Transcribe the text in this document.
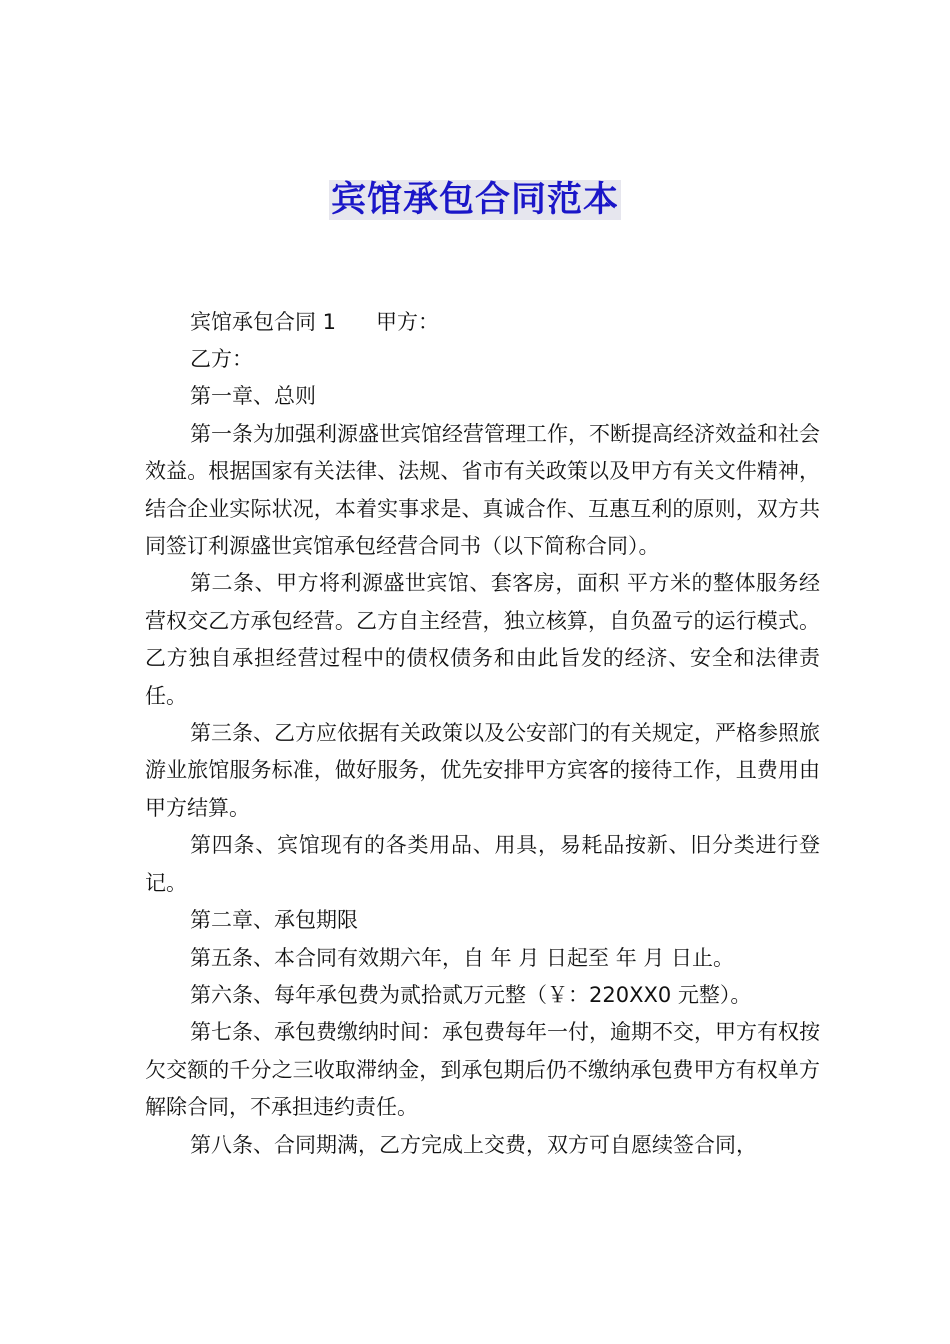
宾馆承包合同范本

宾馆承包合同 1 甲方：

乙方：

第一章、总则

第一条为加强利源盛世宾馆经营管理工作，不断提高经济效益和社会效益。根据国家有关法律、法规、省市有关政策以及甲方有关文件精神，结合企业实际状况，本着实事求是、真诚合作、互惠互利的原则，双方共同签订利源盛世宾馆承包经营合同书（以下简称合同）。

第二条、甲方将利源盛世宾馆、套客房，面积 平方米的整体服务经营权交乙方承包经营。乙方自主经营，独立核算，自负盈亏的运行模式。乙方独自承担经营过程中的债权债务和由此旨发的经济、安全和法律责任。

第三条、乙方应依据有关政策以及公安部门的有关规定，严格参照旅游业旅馆服务标准，做好服务，优先安排甲方宾客的接待工作，且费用由甲方结算。

第四条、宾馆现有的各类用品、用具，易耗品按新、旧分类进行登记。

第二章、承包期限

第五条、本合同有效期六年，自 年 月 日起至 年 月 日止。

第六条、每年承包费为贰拾贰万元整（￥：220XX0 元整）。

第七条、承包费缴纳时间：承包费每年一付，逾期不交，甲方有权按欠交额的千分之三收取滞纳金，到承包期后仍不缴纳承包费甲方有权单方解除合同，不承担违约责任。

第八条、合同期满，乙方完成上交费，双方可自愿续签合同，
